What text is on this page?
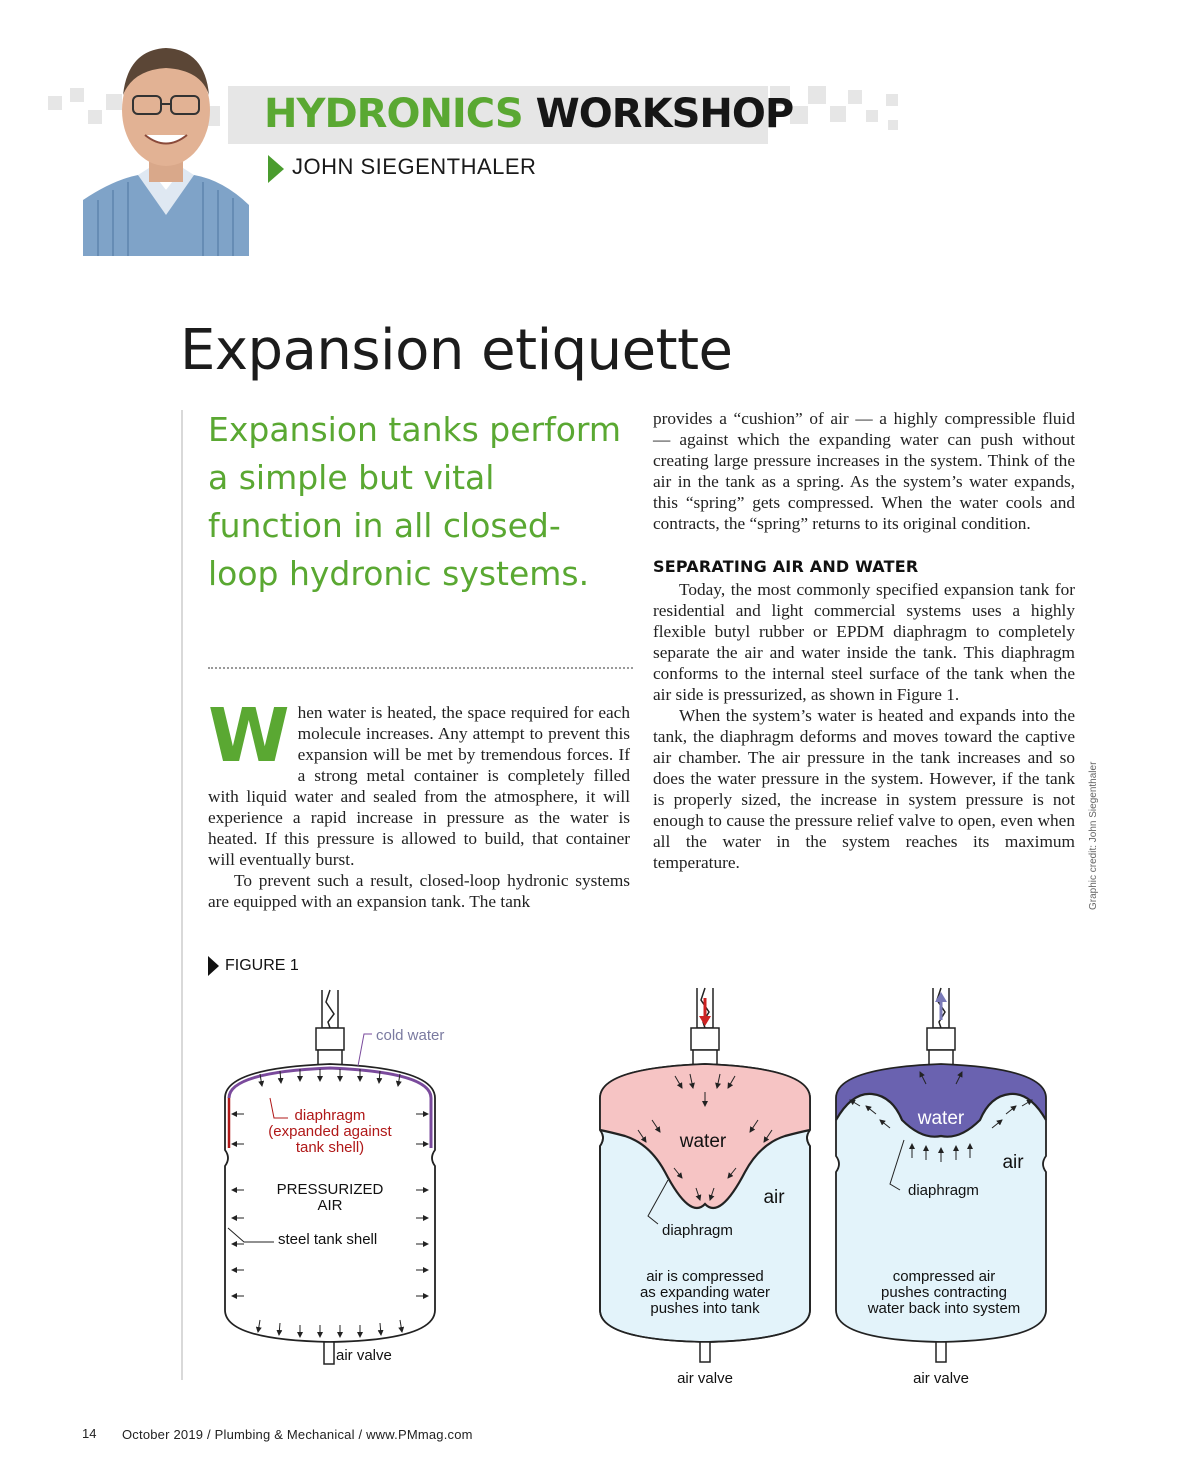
HYDRONICS WORKSHOP
JOHN SIEGENTHALER
Expansion etiquette
Expansion tanks perform a simple but vital function in all closed-loop hydronic systems.

When water is heated, the space required for each molecule increases. Any attempt to prevent this expansion will be met by tremendous forces. If a strong metal container is completely filled with liquid water and sealed from the atmosphere, it will experience a rapid increase in pressure as the water is heated. If this pressure is allowed to build, that container will eventually burst.

To prevent such a result, closed-loop hydronic systems are equipped with an expansion tank. The tank

provides a “cushion” of air — a highly compressible fluid — against which the expanding water can push without creating large pressure increases in the system. Think of the air in the tank as a spring. As the system’s water expands, this “spring” gets compressed. When the water cools and contracts, the “spring” returns to its original condition.

SEPARATING AIR AND WATER

Today, the most commonly specified expansion tank for residential and light commercial systems uses a highly flexible butyl rubber or EPDM diaphragm to completely separate the air and water inside the tank. This diaphragm conforms to the internal steel surface of the tank when the air side is pressurized, as shown in Figure 1.

When the system’s water is heated and expands into the tank, the diaphragm deforms and moves toward the captive air chamber. The air pressure in the tank increases and so does the water pressure in the system. However, if the tank is properly sized, the increase in system pressure is not enough to cause the pressure relief valve to open, even when all the water in the system reaches its maximum temperature.	Graphic credit: John Siegenthaler
FIGURE 1
cold water
diaphragm
(expanded against
tank shell)
PRESSURIZED
AIR
steel tank shell
air valve
water
air
diaphragm
air is compressed
as expanding water
pushes into tank
air valve
water
air
diaphragm
compressed air
pushes contracting
water back into system
air valve
14 October 2019 / Plumbing & Mechanical / www.PMmag.com
